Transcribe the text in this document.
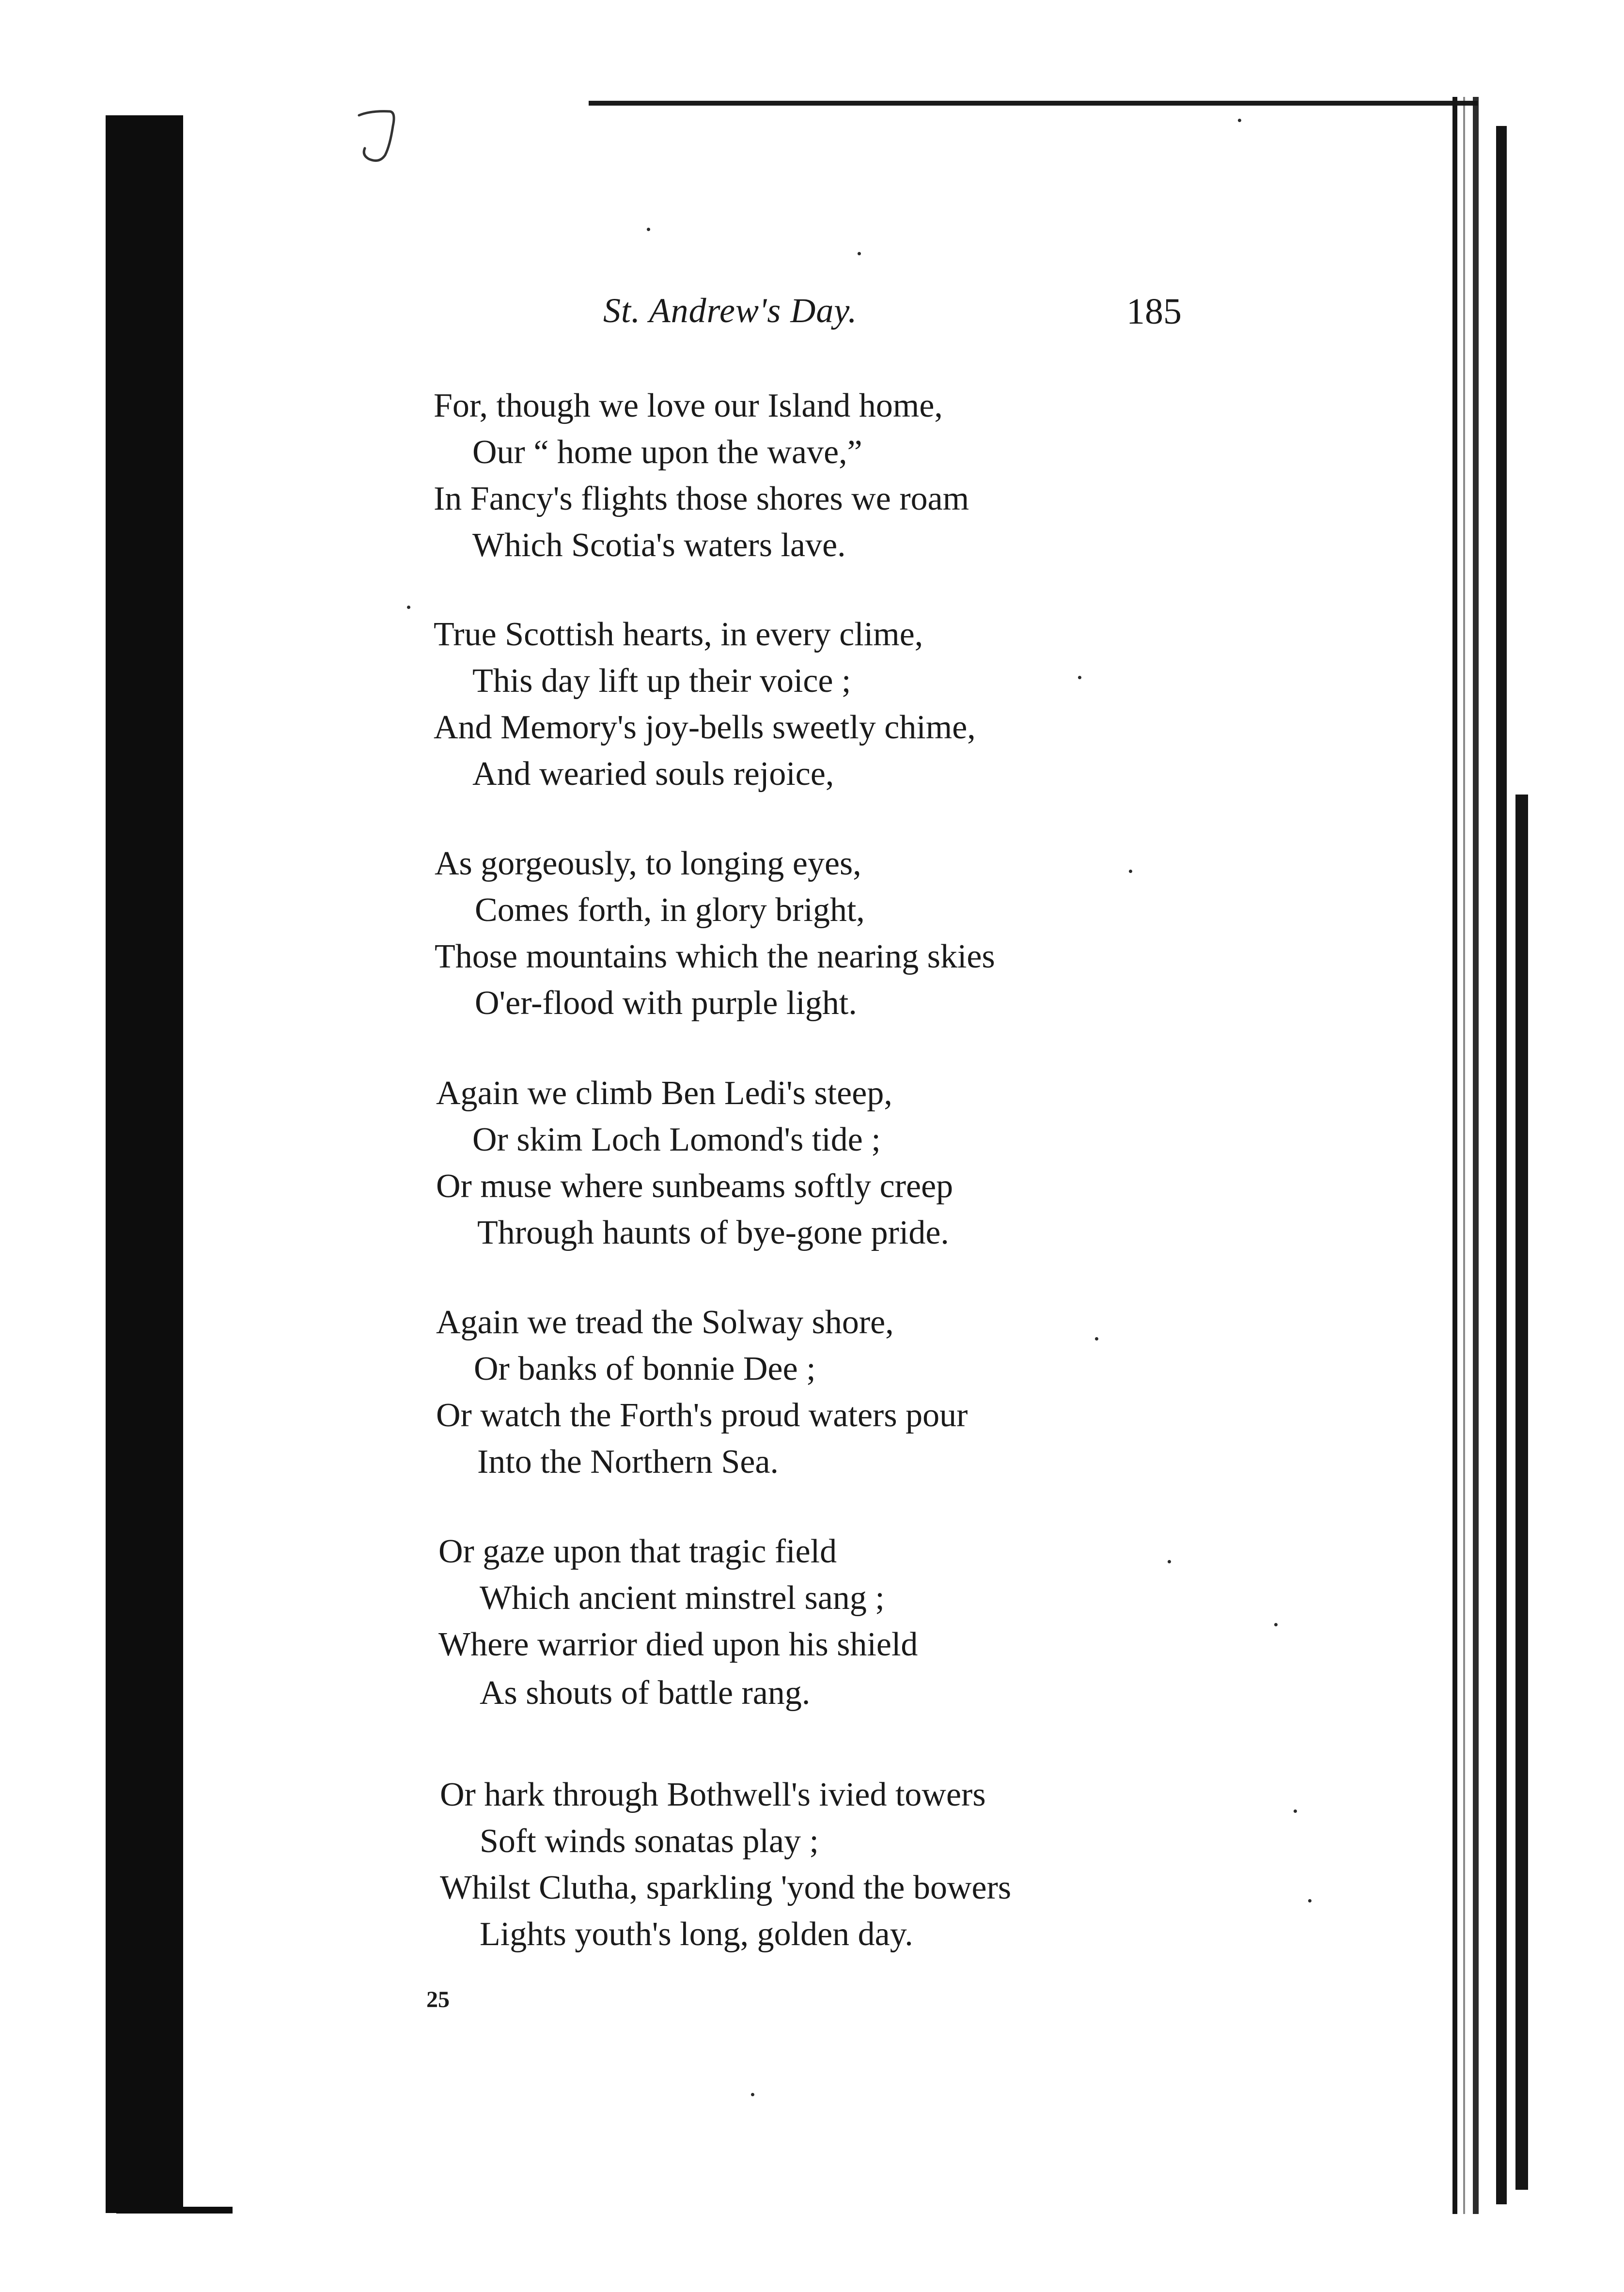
St. Andrew's Day.	185
For, though we love our Island home,
Our “ home upon the wave,”
In Fancy's flights those shores we roam
Which Scotia's waters lave.
True Scottish hearts, in every clime,
This day lift up their voice ;
And Memory's joy-bells sweetly chime,
And wearied souls rejoice,
As gorgeously, to longing eyes,
Comes forth, in glory bright,
Those mountains which the nearing skies
O'er-flood with purple light.
Again we climb Ben Ledi's steep,
Or skim Loch Lomond's tide ;
Or muse where sunbeams softly creep
Through haunts of bye-gone pride.
Again we tread the Solway shore,
Or banks of bonnie Dee ;
Or watch the Forth's proud waters pour
Into the Northern Sea.
Or gaze upon that tragic field
Which ancient minstrel sang ;
Where warrior died upon his shield
As shouts of battle rang.
Or hark through Bothwell's ivied towers
Soft winds sonatas play ;
Whilst Clutha, sparkling 'yond the bowers
Lights youth's long, golden day.
25
